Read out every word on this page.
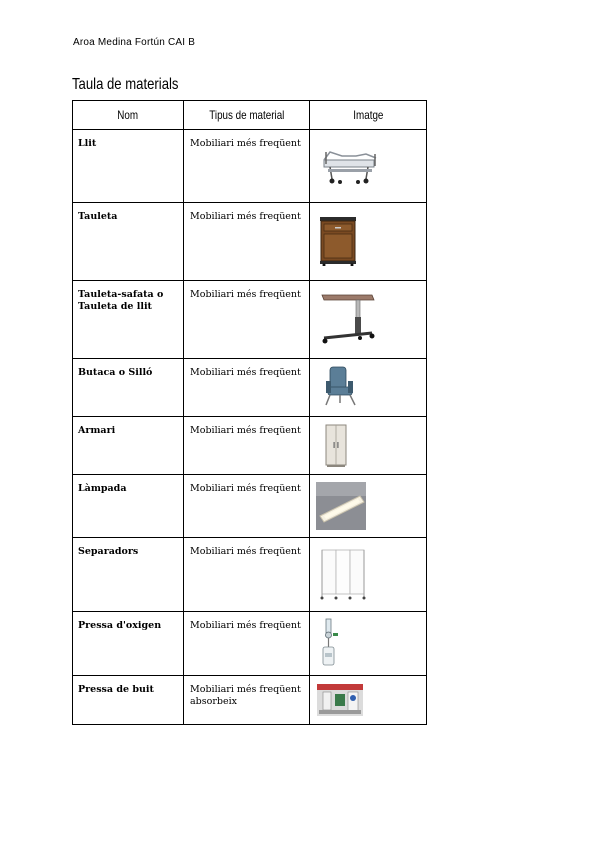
Aroa Medina Fortún CAI B
Taula de materials
Nom	Tipus de material	Imatge
Llit	Mobiliari més freqüent	

Tauleta	Mobiliari més freqüent	

Tauleta-safata o Tauleta de llit	Mobiliari més freqüent	

Butaca o Silló	Mobiliari més freqüent	

Armari	Mobiliari més freqüent	

Làmpada	Mobiliari més freqüent	

Separadors	Mobiliari més freqüent	

Pressa d'oxigen	Mobiliari més freqüent	

Pressa de buit	Mobiliari més freqüent absorbeix	
